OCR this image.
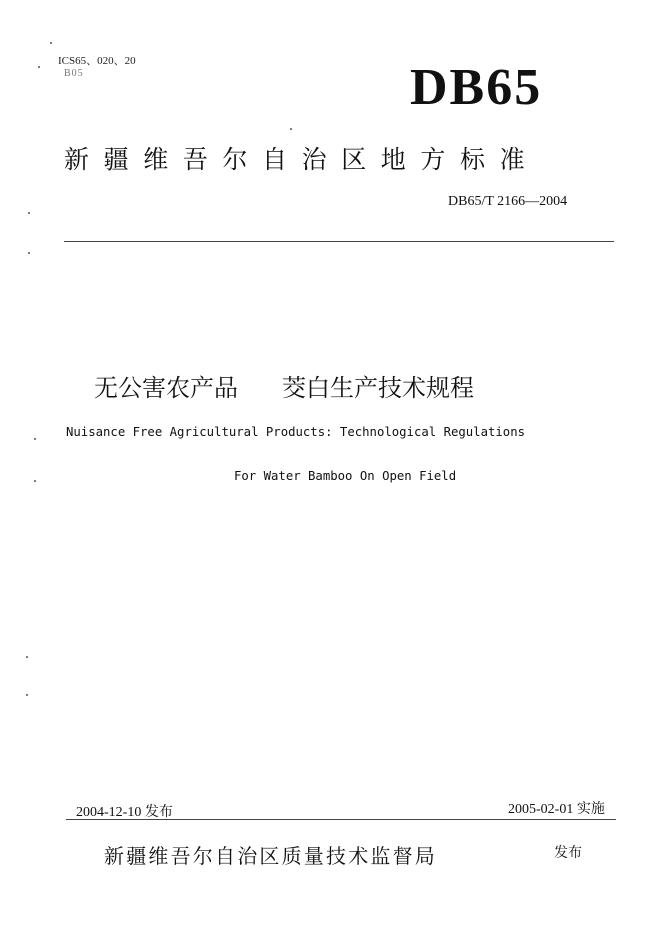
ICS65、020、20
B05	DB65
新疆维吾尔自治区地方标准
DB65/T 2166—2004
无公害农产品 茭白生产技术规程
Nuisance Free Agricultural Products: Technological Regulations
For Water Bamboo On Open Field
2004-12-10 发布	2005-02-01 实施
新疆维吾尔自治区质量技术监督局	发布
